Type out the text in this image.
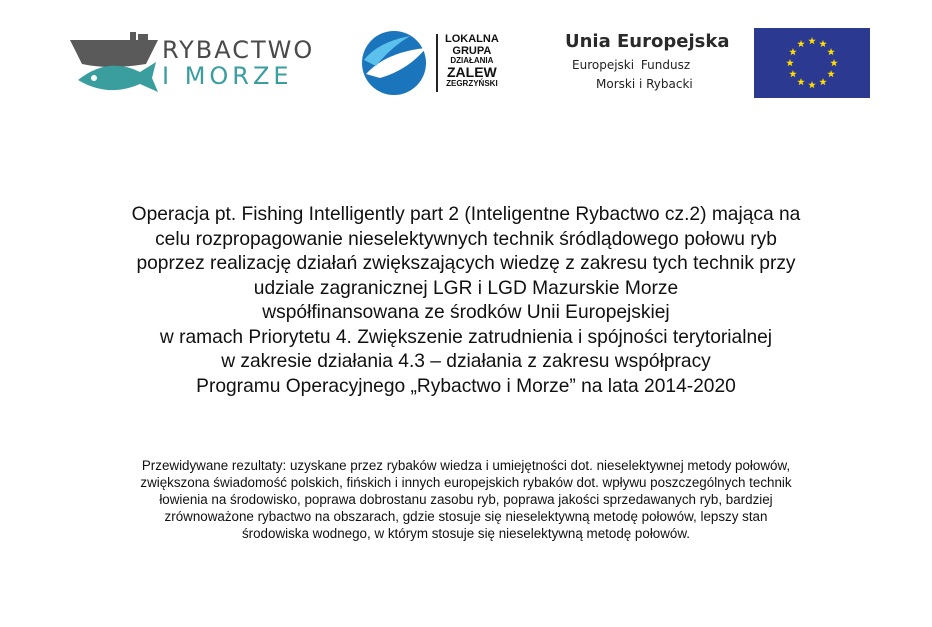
RYBACTWO
I MORZE
LOKALNA
GRUPA
DZIAŁANIA
ZALEW
ZEGRZYŃSKI
Unia Europejska
Europejski Fundusz
Morski i Rybacki
Operacja pt. Fishing Intelligently part 2 (Inteligentne Rybactwo cz.2) mająca na
celu rozpropagowanie nieselektywnych technik śródlądowego połowu ryb
poprzez realizację działań zwiększających wiedzę z zakresu tych technik przy
udziale zagranicznej LGR i LGD Mazurskie Morze
współfinansowana ze środków Unii Europejskiej
w ramach Priorytetu 4. Zwiększenie zatrudnienia i spójności terytorialnej
w zakresie działania 4.3 – działania z zakresu współpracy
Programu Operacyjnego „Rybactwo i Morze” na lata 2014-2020
Przewidywane rezultaty: uzyskane przez rybaków wiedza i umiejętności dot. nieselektywnej metody połowów,
zwiększona świadomość polskich, fińskich i innych europejskich rybaków dot. wpływu poszczególnych technik
łowienia na środowisko, poprawa dobrostanu zasobu ryb, poprawa jakości sprzedawanych ryb, bardziej
zrównoważone rybactwo na obszarach, gdzie stosuje się nieselektywną metodę połowów, lepszy stan
środowiska wodnego, w którym stosuje się nieselektywną metodę połowów.
